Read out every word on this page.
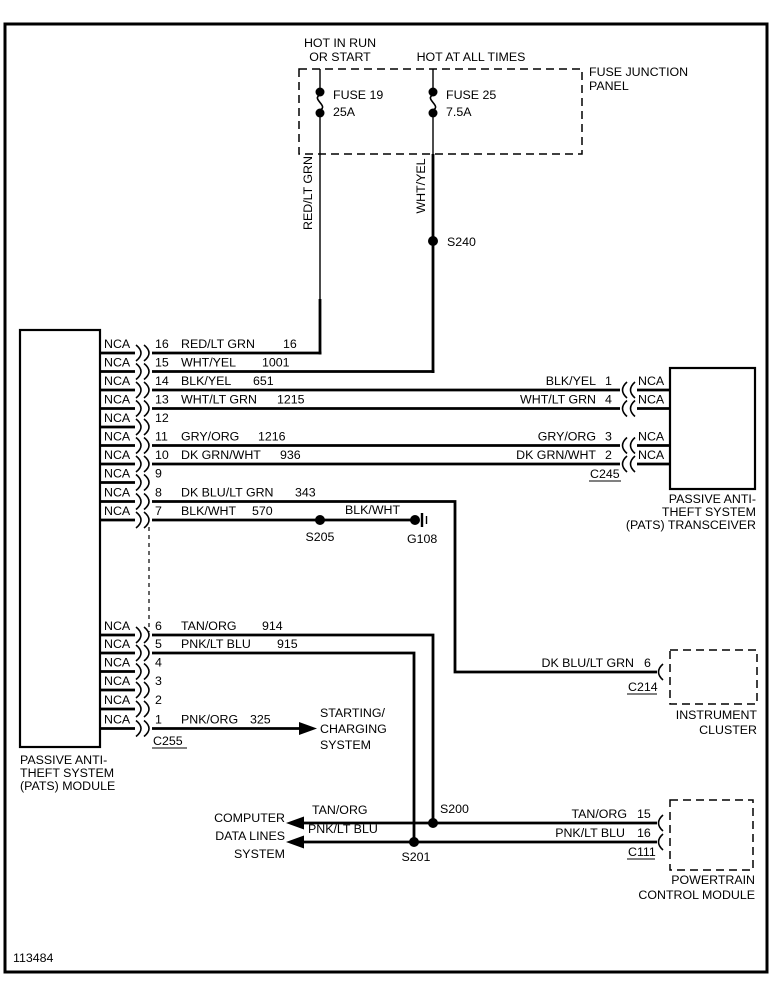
113484
HOT IN RUN
OR START	HOT AT ALL TIMES
FUSE JUNCTION
PANEL
FUSE 19
25A
FUSE 25
7.5A
RED/LT GRN	WHT/YEL
S240
PASSIVE ANTI-
THEFT SYSTEM
(PATS) MODULE
C255
NCA 16 RED/LT GRN 16
NCA 15 WHT/YEL 1001
NCA 14 BLK/YEL 651
NCA 13 WHT/LT GRN 1215
NCA 12
NCA 11 GRY/ORG 1216
NCA 10 DK GRN/WHT 936
NCA 9
NCA 8 DK BLU/LT GRN 343
NCA 7 BLK/WHT 570
NCA 6 TAN/ORG 914
NCA 5 PNK/LT BLU 915
NCA 4
NCA 3
NCA 2
NCA 1 PNK/ORG 325	STARTING/
CHARGING
SYSTEM
S205
BLK/WHT
G108
BLK/YEL 1 NCA
WHT/LT GRN 4 NCA
GRY/ORG 3 NCA
DK GRN/WHT 2 NCA
C245
PASSIVE ANTI-
THEFT SYSTEM
(PATS) TRANSCEIVER
DK BLU/LT GRN 6
C214
INSTRUMENT
CLUSTER
S200
S201
TAN/ORG
PNK/LT BLU
COMPUTER
DATA LINES
SYSTEM
TAN/ORG 15
PNK/LT BLU 16
C111
POWERTRAIN
CONTROL MODULE
